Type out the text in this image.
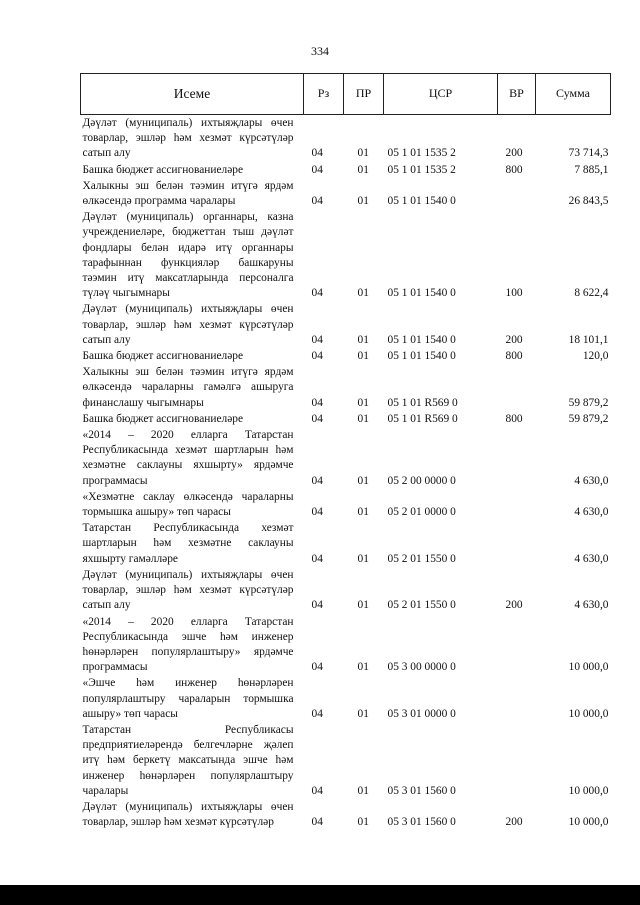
334
Исеме	Рз	ПР	ЦСР	ВР	Сумма
Дәүләт (муниципаль) ихтыяҗлары өчен товарлар, эшләр һәм хезмәт күрсәтүләр сатып алу	04	01	05 1 01 1535 2	200	73 714,3
Башка бюджет ассигнованиеләре	04	01	05 1 01 1535 2	800	7 885,1
Халыкны эш белән тәэмин итүгә ярдәм өлкәсендә программа чаралары	04	01	05 1 01 1540 0		26 843,5
Дәүләт (муниципаль) органнары, казна учреждениеләре, бюджеттан тыш дәүләт фондлары белән идарә итү органнары тарафыннан функцияләр башкаруны тәэмин итү максатларында персоналга түләү чыгымнары	04	01	05 1 01 1540 0	100	8 622,4
Дәүләт (муниципаль) ихтыяҗлары өчен товарлар, эшләр һәм хезмәт күрсәтүләр сатып алу	04	01	05 1 01 1540 0	200	18 101,1
Башка бюджет ассигнованиеләре	04	01	05 1 01 1540 0	800	120,0
Халыкны эш белән тәэмин итүгә ярдәм өлкәсендә чараларны гамәлгә ашыруга финанслашу чыгымнары	04	01	05 1 01 R569 0		59 879,2
Башка бюджет ассигнованиеләре	04	01	05 1 01 R569 0	800	59 879,2
«2014 – 2020 елларга Татарстан Республикасында хезмәт шартларын һәм хезмәтне саклауны яхшырту» ярдәмче программасы	04	01	05 2 00 0000 0		4 630,0
«Хезмәтне саклау өлкәсендә чараларны тормышка ашыру» төп чарасы	04	01	05 2 01 0000 0		4 630,0
Татарстан Республикасында хезмәт шартларын һәм хезмәтне саклауны яхшырту гамәлләре	04	01	05 2 01 1550 0		4 630,0
Дәүләт (муниципаль) ихтыяҗлары өчен товарлар, эшләр һәм хезмәт күрсәтүләр сатып алу	04	01	05 2 01 1550 0	200	4 630,0
«2014 – 2020 елларга Татарстан Республикасында эшче һәм инженер һөнәрләрен популярлаштыру» ярдәмче программасы	04	01	05 3 00 0000 0		10 000,0
«Эшче һәм инженер һөнәрләрен популярлаштыру чараларын тормышка ашыру» төп чарасы	04	01	05 3 01 0000 0		10 000,0
Татарстан Республикасы предприятиеләрендә белгечләрне җәлеп итү һәм беркетү максатында эшче һәм инженер һөнәрләрен популярлаштыру чаралары	04	01	05 3 01 1560 0		10 000,0
Дәүләт (муниципаль) ихтыяҗлары өчен товарлар, эшләр һәм хезмәт күрсәтүләр	04	01	05 3 01 1560 0	200	10 000,0
